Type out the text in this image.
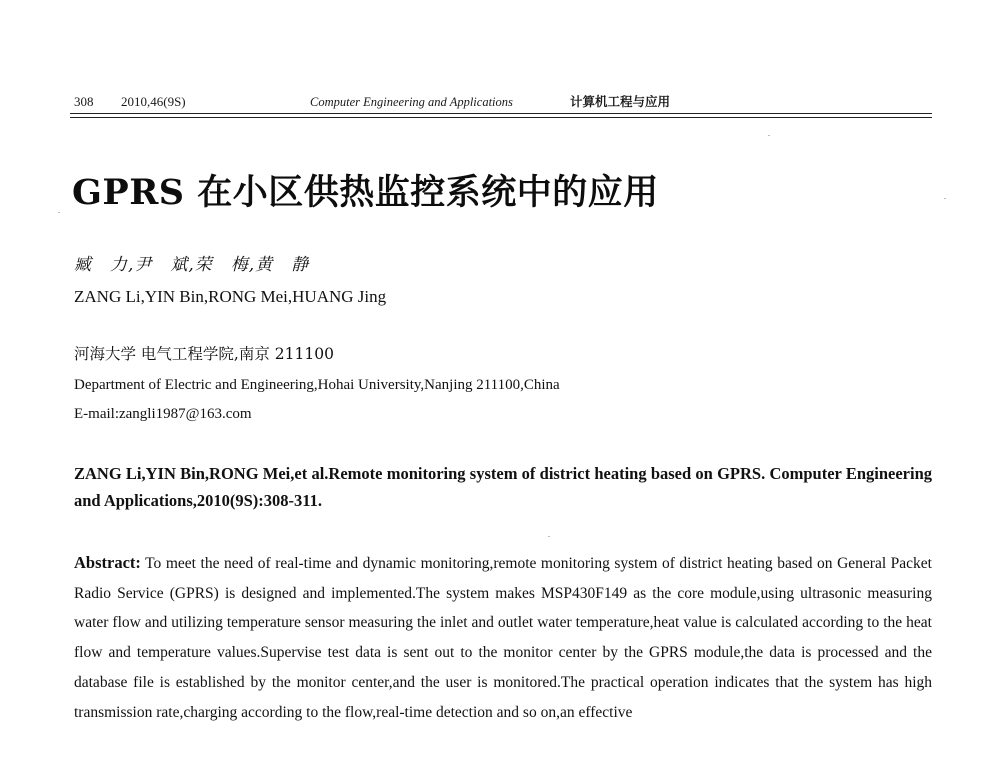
308 2010,46(9S)	Computer Engineering and Applications	计算机工程与应用
GPRS 在小区供热监控系统中的应用
臧　力,尹　斌,荣　梅,黄　静
ZANG Li,YIN Bin,RONG Mei,HUANG Jing
河海大学 电气工程学院,南京 211100
Department of Electric and Engineering,Hohai University,Nanjing 211100,China
E-mail:zangli1987@163.com
ZANG Li,YIN Bin,RONG Mei,et al.Remote monitoring system of district heating based on GPRS. Computer Engineering and Applications,2010(9S):308-311.

Abstract: To meet the need of real-time and dynamic monitoring,remote monitoring system of district heating based on General Packet Radio Service (GPRS) is designed and implemented.The system makes MSP430F149 as the core module,using ultrasonic measuring water flow and utilizing temperature sensor measuring the inlet and outlet water temperature,heat value is calculated according to the heat flow and temperature values.Supervise test data is sent out to the monitor center by the GPRS module,the data is processed and the database file is established by the monitor center,and the user is monitored.The practical operation indicates that the system has high transmission rate,charging according to the flow,real-time detection and so on,an effective
